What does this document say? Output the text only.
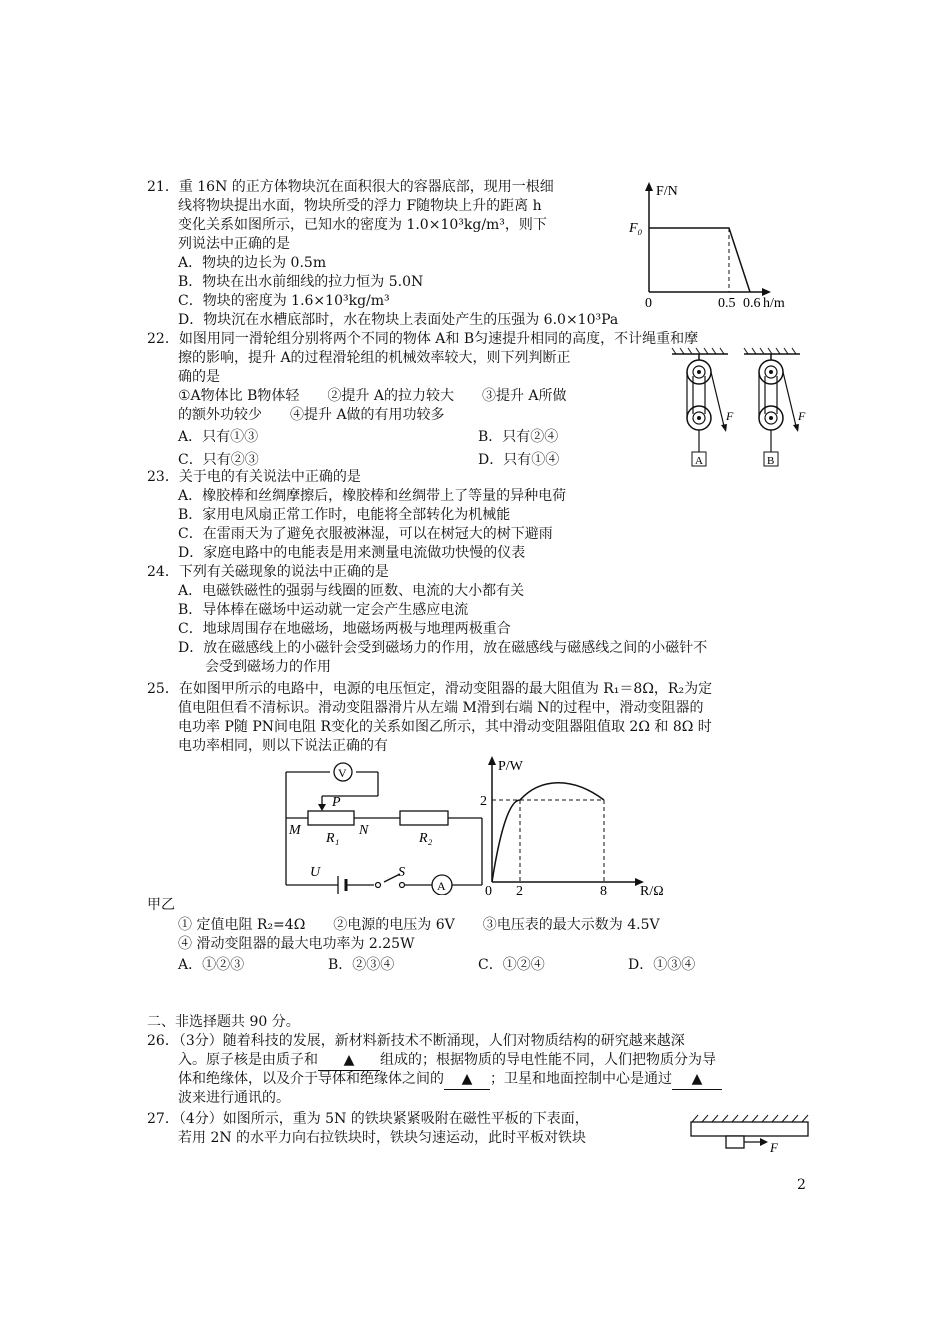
21．重 16N 的正方体物块沉在面积很大的容器底部，现用一根细
线将物块提出水面，物块所受的浮力 F随物块上升的距离 h
变化关系如图所示，已知水的密度为 1.0×10³kg/m³，则下
列说法中正确的是
A．物块的边长为 0.5m
B．物块在出水前细线的拉力恒为 5.0N
C．物块的密度为 1.6×10³kg/m³
D．物块沉在水槽底部时，水在物块上表面处产生的压强为 6.0×10³Pa
F/N
F₀
0	0.5 0.6 h/m
22．如图用同一滑轮组分别将两个不同的物体 A和 B匀速提升相同的高度，不计绳重和摩
擦的影响，提升 A的过程滑轮组的机械效率较大，则下列判断正
确的是
①A物体比 B物体轻　　②提升 A的拉力较大　　③提升 A所做
的额外功较少　　④提升 A做的有用功较多
A．只有①③	B．只有②④
C．只有②③	D．只有①④	A
F
B
F
23．关于电的有关说法中正确的是
A．橡胶棒和丝绸摩擦后，橡胶棒和丝绸带上了等量的异种电荷
B．家用电风扇正常工作时，电能将全部转化为机械能
C．在雷雨天为了避免衣服被淋湿，可以在树冠大的树下避雨
D．家庭电路中的电能表是用来测量电流做功快慢的仪表
24．下列有关磁现象的说法中正确的是
A．电磁铁磁性的强弱与线圈的匝数、电流的大小都有关
B．导体棒在磁场中运动就一定会产生感应电流
C．地球周围存在地磁场，地磁场两极与地理两极重合
D．放在磁感线上的小磁针会受到磁场力的作用，放在磁感线与磁感线之间的小磁针不
会受到磁场力的作用
25．在如图甲所示的电路中，电源的电压恒定，滑动变阻器的最大阻值为 R₁＝8Ω，R₂为定
值电阻但看不清标识。滑动变阻器滑片从左端 M滑到右端 N的过程中，滑动变阻器的
电功率 P随 PN间电阻 R变化的关系如图乙所示，其中滑动变阻器阻值取 2Ω 和 8Ω 时
电功率相同，则以下说法正确的有
V
A
P
M	N
R₁	R₂
U	S
P/W
2
0 2	8 R/Ω
甲乙
① 定值电阻 R₂=4Ω　　②电源的电压为 6V　　③电压表的最大示数为 4.5V
④ 滑动变阻器的最大电功率为 2.25W
A．①②③	B．②③④	C．①②④	D．①③④
二、非选择题共 90 分。
26．（3分）随着科技的发展，新材料新技术不断涌现，人们对物质结构的研究越来越深
入。原子核是由质子和 ▲ 组成的；根据物质的导电性能不同，人们把物质分为导
体和绝缘体，以及介于导体和绝缘体之间的 ▲ ；卫星和地面控制中心是通过 ▲
波来进行通讯的。
27．（4分）如图所示，重为 5N 的铁块紧紧吸附在磁性平板的下表面，
若用 2N 的水平力向右拉铁块时，铁块匀速运动，此时平板对铁块
F
2
